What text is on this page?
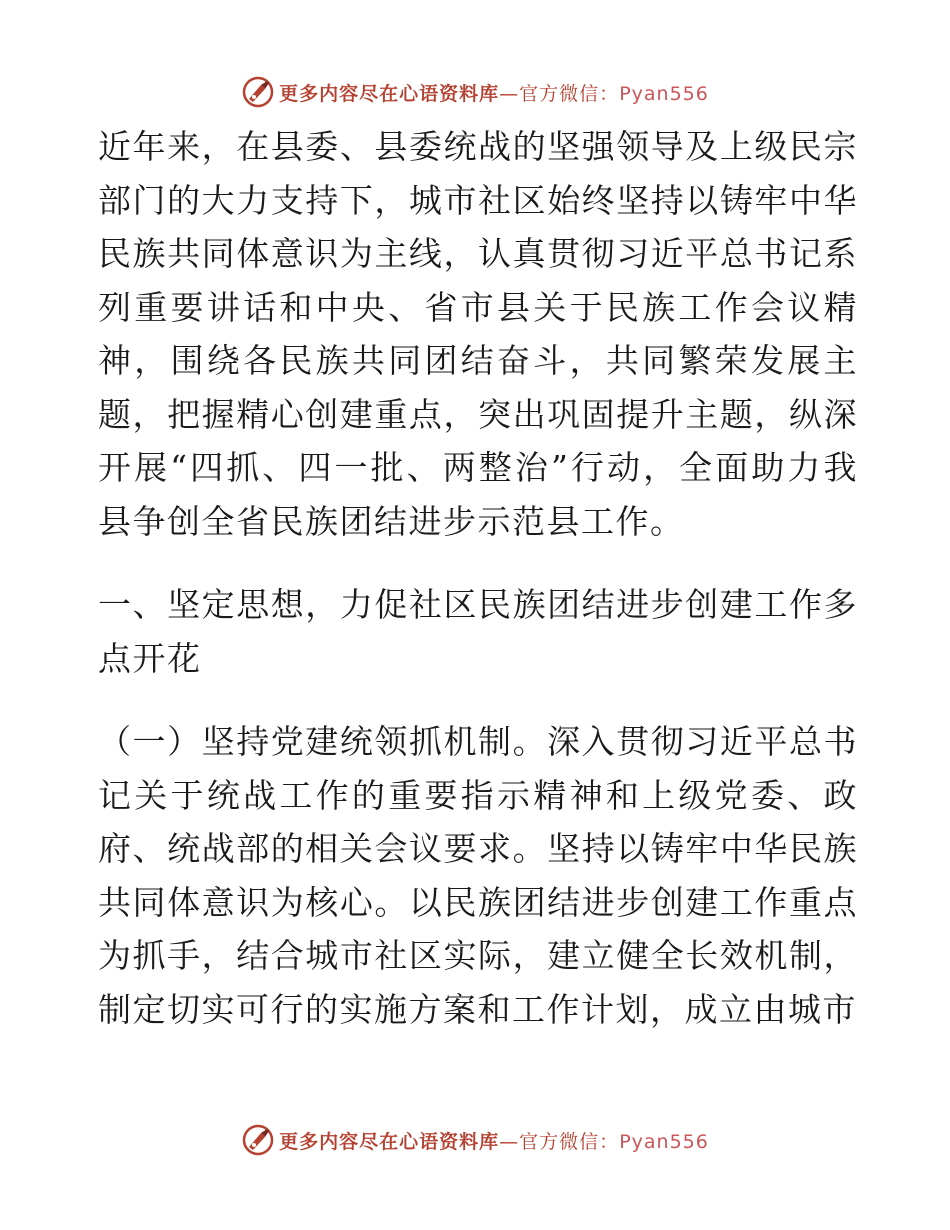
更多内容尽在心语资料库—官方微信：Pyan556

近年来，在县委、县委统战的坚强领导及上级民宗部门的大力支持下，城市社区始终坚持以铸牢中华民族共同体意识为主线，认真贯彻习近平总书记系列重要讲话和中央、省市县关于民族工作会议精神，围绕各民族共同团结奋斗，共同繁荣发展主题，把握精心创建重点，突出巩固提升主题，纵深开展“四抓、四一批、两整治”行动，全面助力我县争创全省民族团结进步示范县工作。

一、坚定思想，力促社区民族团结进步创建工作多点开花

（一）坚持党建统领抓机制。深入贯彻习近平总书记关于统战工作的重要指示精神和上级党委、政府、统战部的相关会议要求。坚持以铸牢中华民族共同体意识为核心。以民族团结进步创建工作重点为抓手，结合城市社区实际，建立健全长效机制，制定切实可行的实施方案和工作计划，成立由城市

更多内容尽在心语资料库—官方微信：Pyan556
